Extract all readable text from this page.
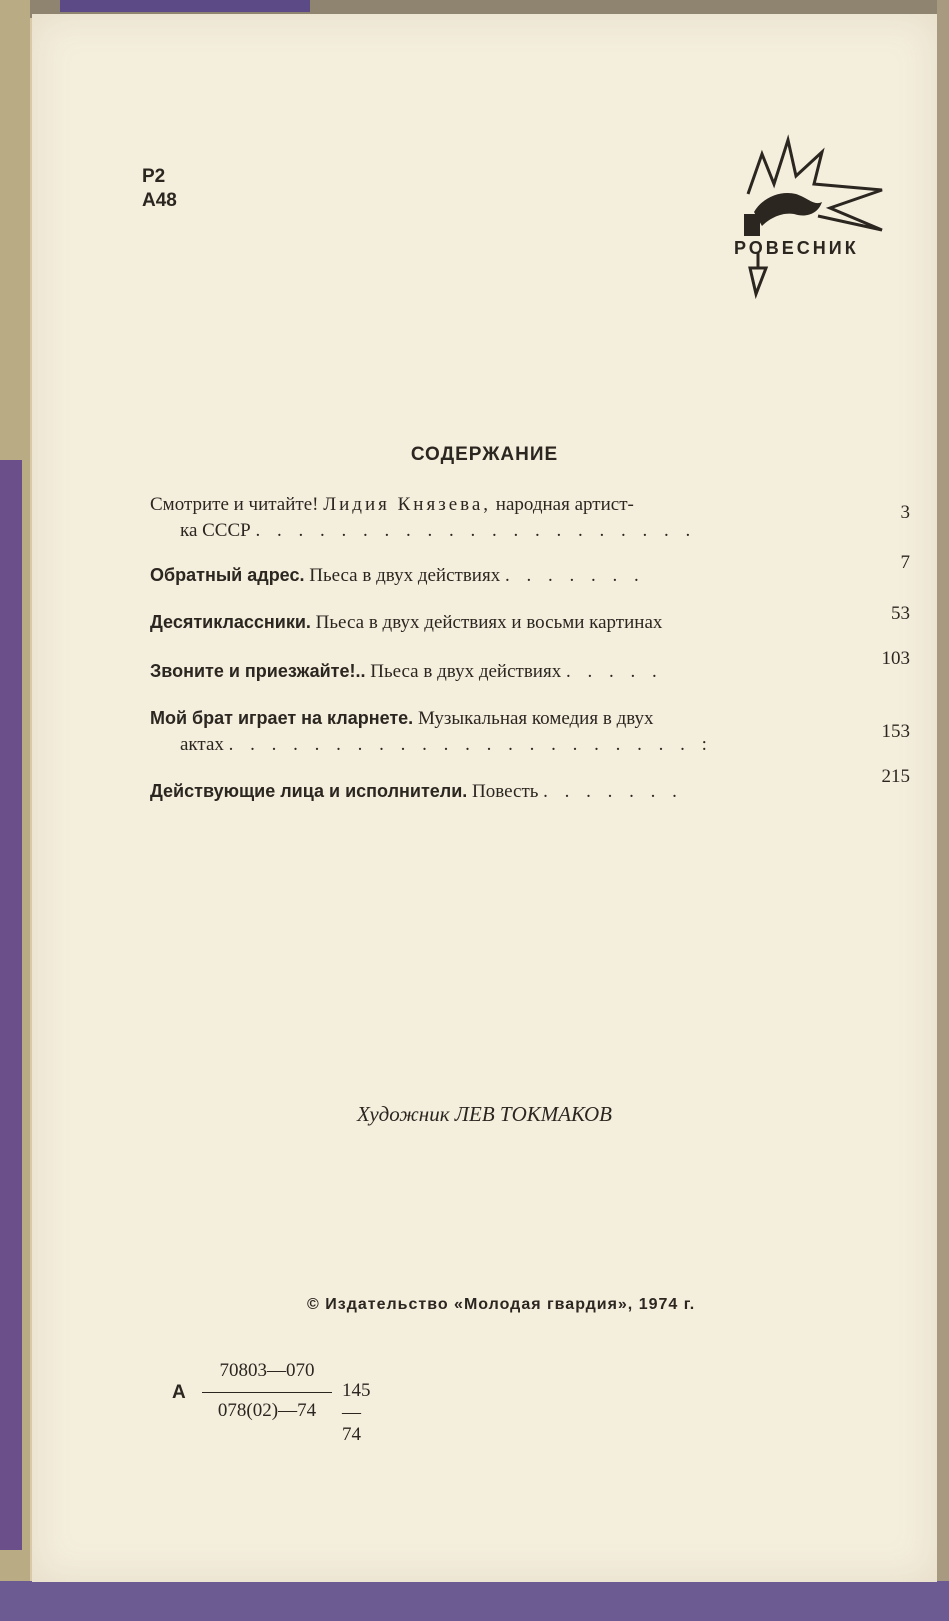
Р2
А48
РОВЕСНИК
СОДЕРЖАНИЕ
Смотрите и читайте! Лидия Князева, народная артист-
ка СССР . . . . . . . . . . . . . . . . . . . . .
3
Обратный адрес. Пьеса в двух действиях . . . . . . .
7
Десятиклассники. Пьеса в двух действиях и восьми картинах	53
Звоните и приезжайте!.. Пьеса в двух действиях . . . . .
103
Мой брат играет на кларнете. Музыкальная комедия в двух
актах . . . . . . . . . . . . . . . . . . . . . . :
153
Действующие лица и исполнители. Повесть . . . . . . .
215
Художник ЛЕВ ТОКМАКОВ
© Издательство «Молодая гвардия», 1974 г.
А
70803—070
078(02)—74
145—74
